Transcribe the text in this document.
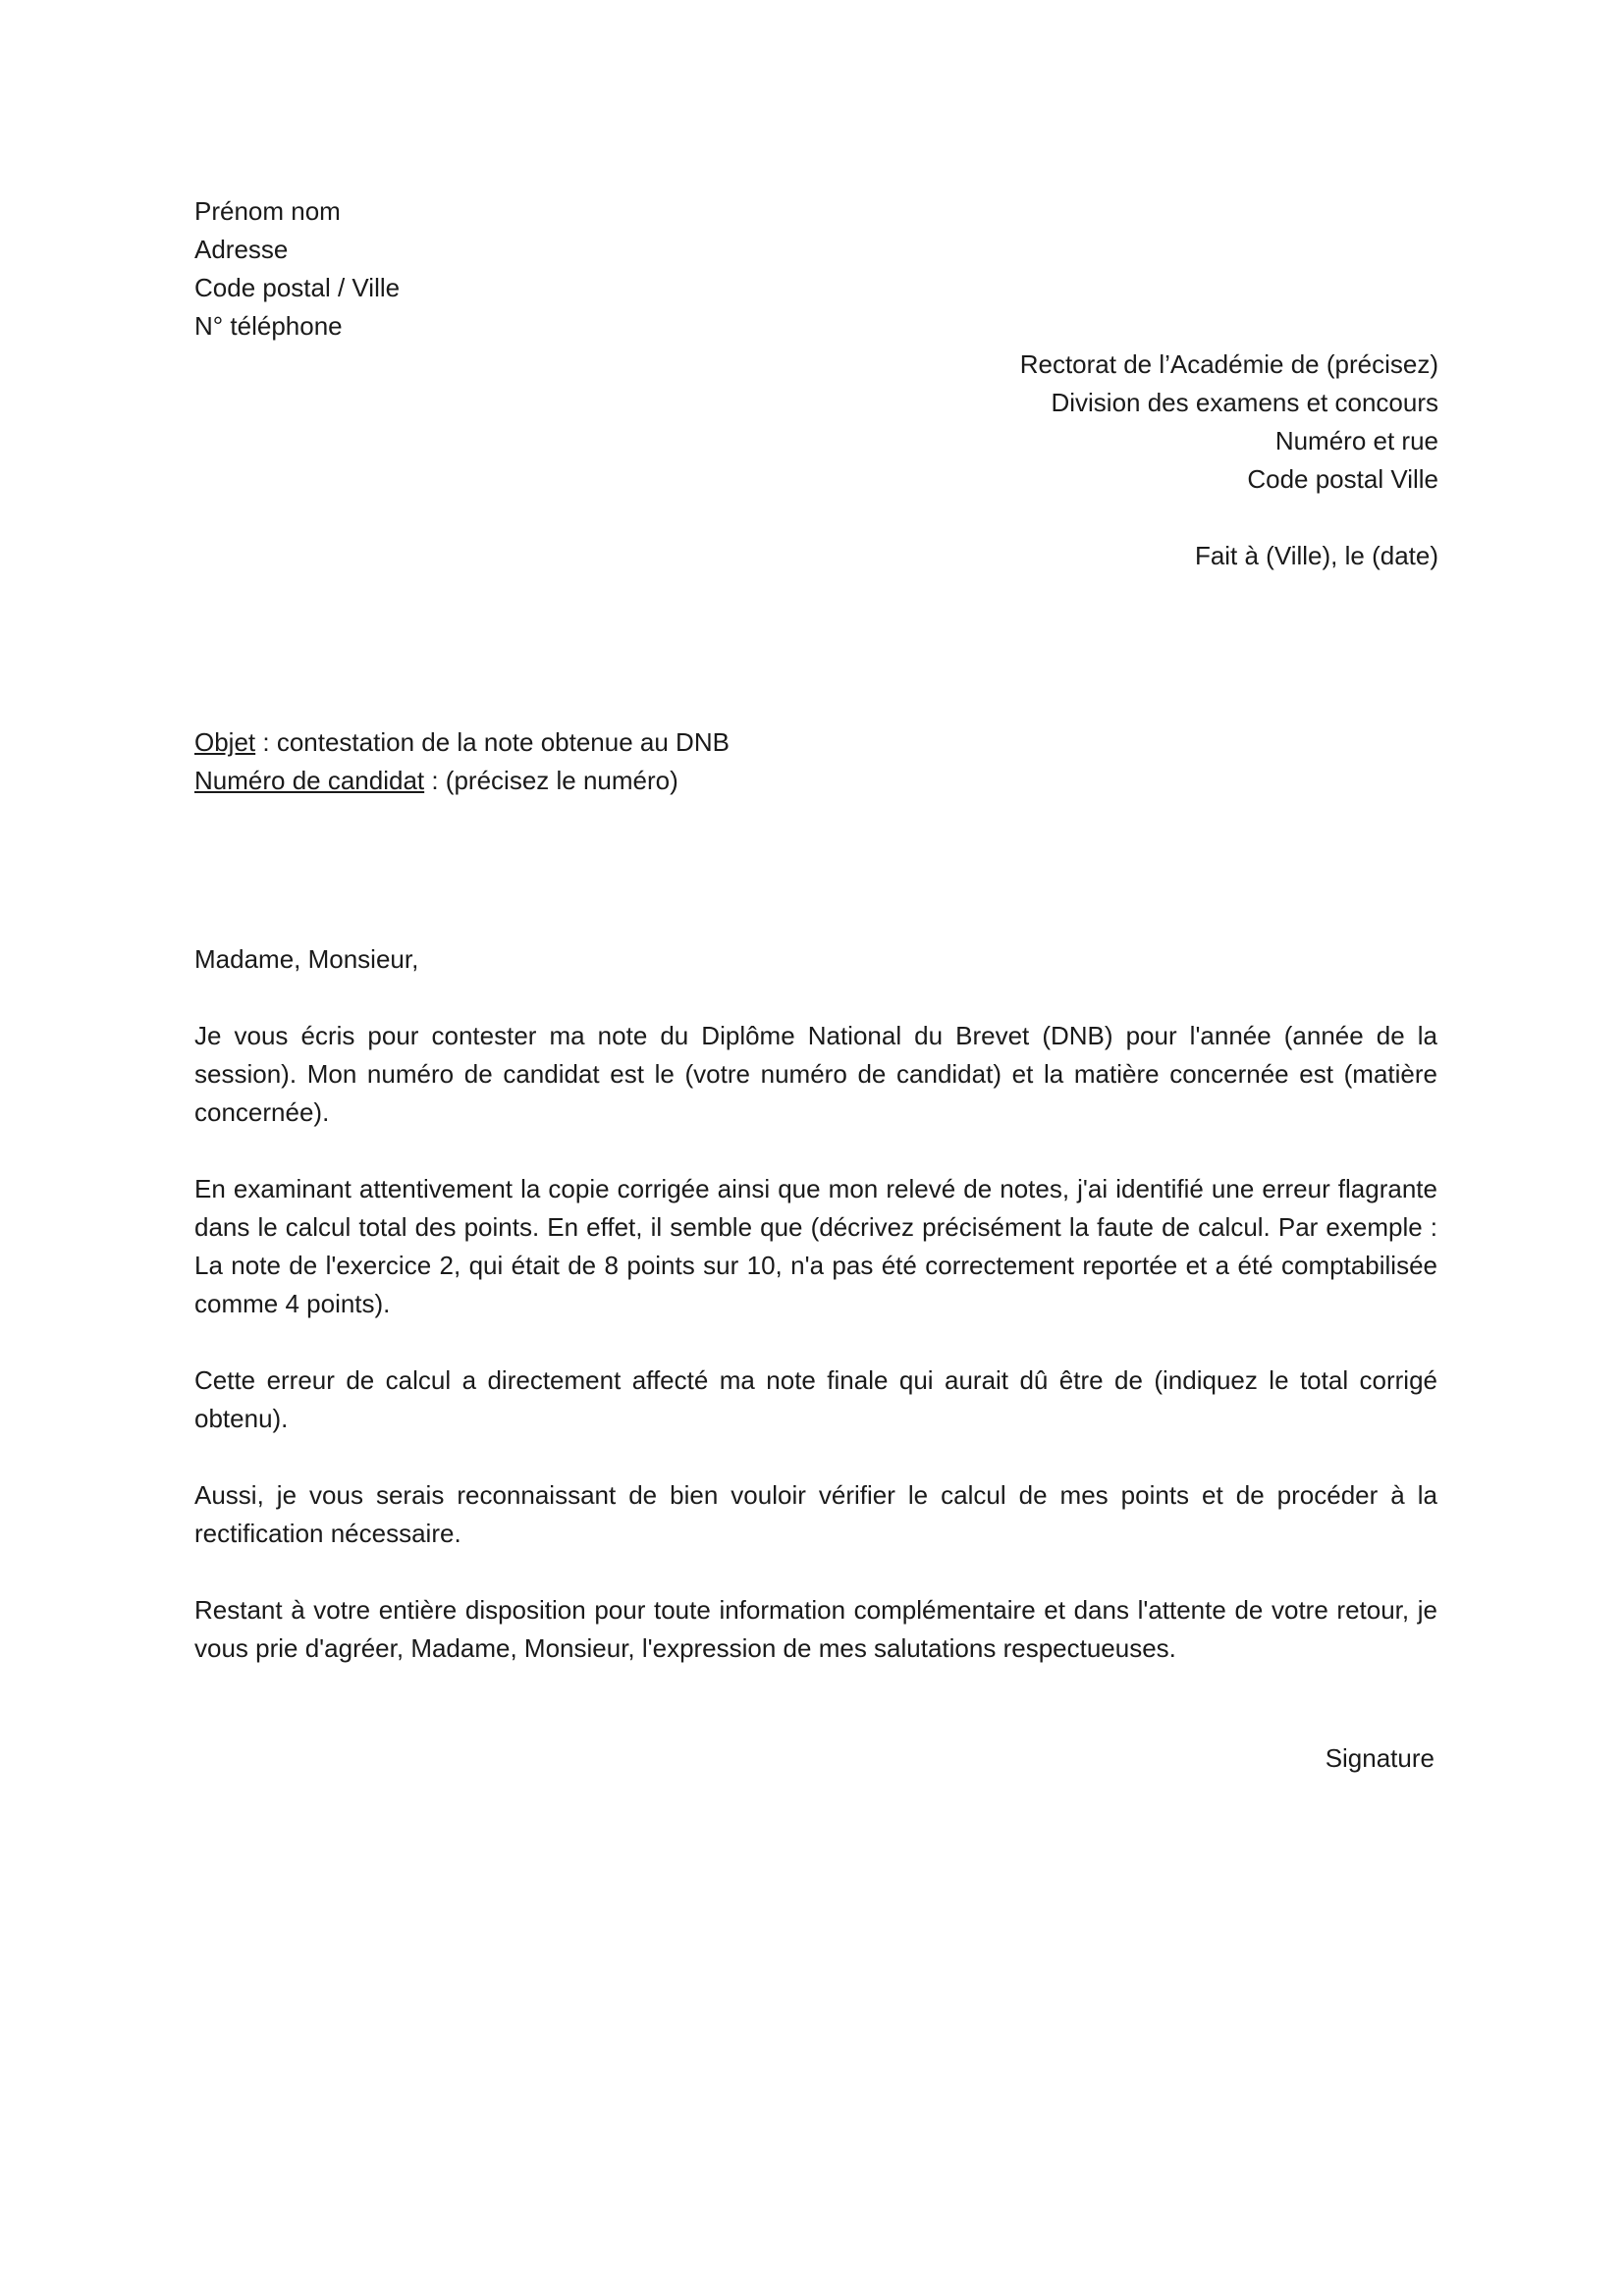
Prénom nom
Adresse
Code postal / Ville
N° téléphone
Rectorat de l’Académie de (précisez)
Division des examens et concours
Numéro et rue
Code postal Ville
Fait à (Ville), le (date)
Objet : contestation de la note obtenue au DNB
Numéro de candidat : (précisez le numéro)

Madame, Monsieur,

Je vous écris pour contester ma note du Diplôme National du Brevet (DNB) pour l'année (année de la session). Mon numéro de candidat est le (votre numéro de candidat) et la matière concernée est (matière concernée).

En examinant attentivement la copie corrigée ainsi que mon relevé de notes, j'ai identifié une erreur flagrante dans le calcul total des points. En effet, il semble que (décrivez précisément la faute de calcul. Par exemple : La note de l'exercice 2, qui était de 8 points sur 10, n'a pas été correctement reportée et a été comptabilisée comme 4 points).

Cette erreur de calcul a directement affecté ma note finale qui aurait dû être de (indiquez le total corrigé obtenu).

Aussi, je vous serais reconnaissant de bien vouloir vérifier le calcul de mes points et de procéder à la rectification nécessaire.

Restant à votre entière disposition pour toute information complémentaire et dans l'attente de votre retour, je vous prie d'agréer, Madame, Monsieur, l'expression de mes salutations respectueuses.

Signature
